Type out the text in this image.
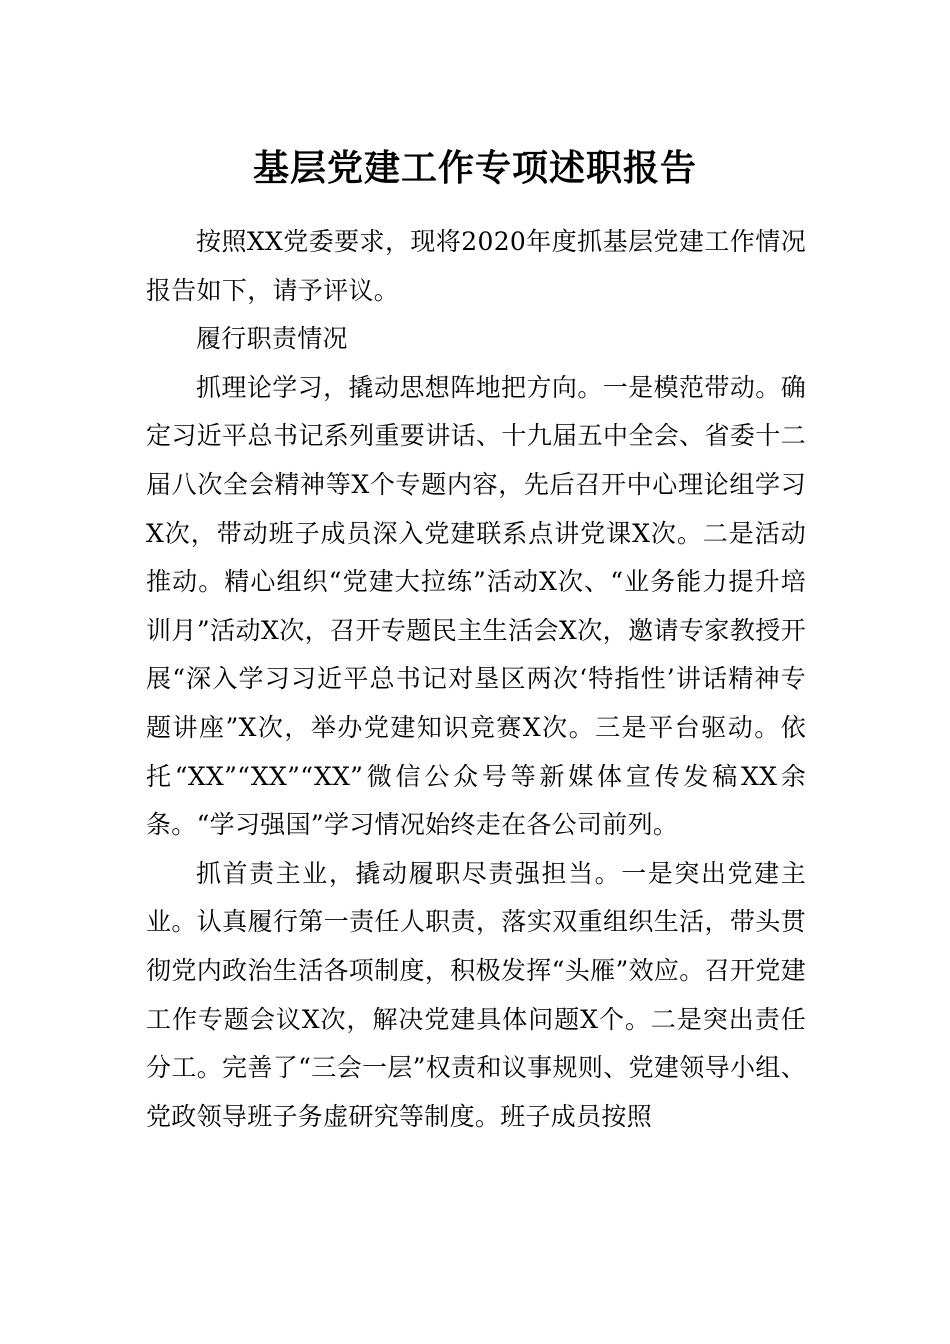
基层党建工作专项述职报告

按照XX党委要求，现将2020年度抓基层党建工作情况报告如下，请予评议。

履行职责情况

抓理论学习，撬动思想阵地把方向。一是模范带动。确定习近平总书记系列重要讲话、十九届五中全会、省委十二届八次全会精神等X个专题内容，先后召开中心理论组学习X次，带动班子成员深入党建联系点讲党课X次。二是活动推动。精心组织“党建大拉练”活动X次、“业务能力提升培训月”活动X次，召开专题民主生活会X次，邀请专家教授开展“深入学习习近平总书记对垦区两次‘特指性’讲话精神专题讲座”X次，举办党建知识竞赛X次。三是平台驱动。依托“XX”“XX”“XX”微信公众号等新媒体宣传发稿XX余条。“学习强国”学习情况始终走在各公司前列。

抓首责主业，撬动履职尽责强担当。一是突出党建主业。认真履行第一责任人职责，落实双重组织生活，带头贯彻党内政治生活各项制度，积极发挥“头雁”效应。召开党建工作专题会议X次，解决党建具体问题X个。二是突出责任分工。完善了“三会一层”权责和议事规则、党建领导小组、党政领导班子务虚研究等制度。班子成员按照
